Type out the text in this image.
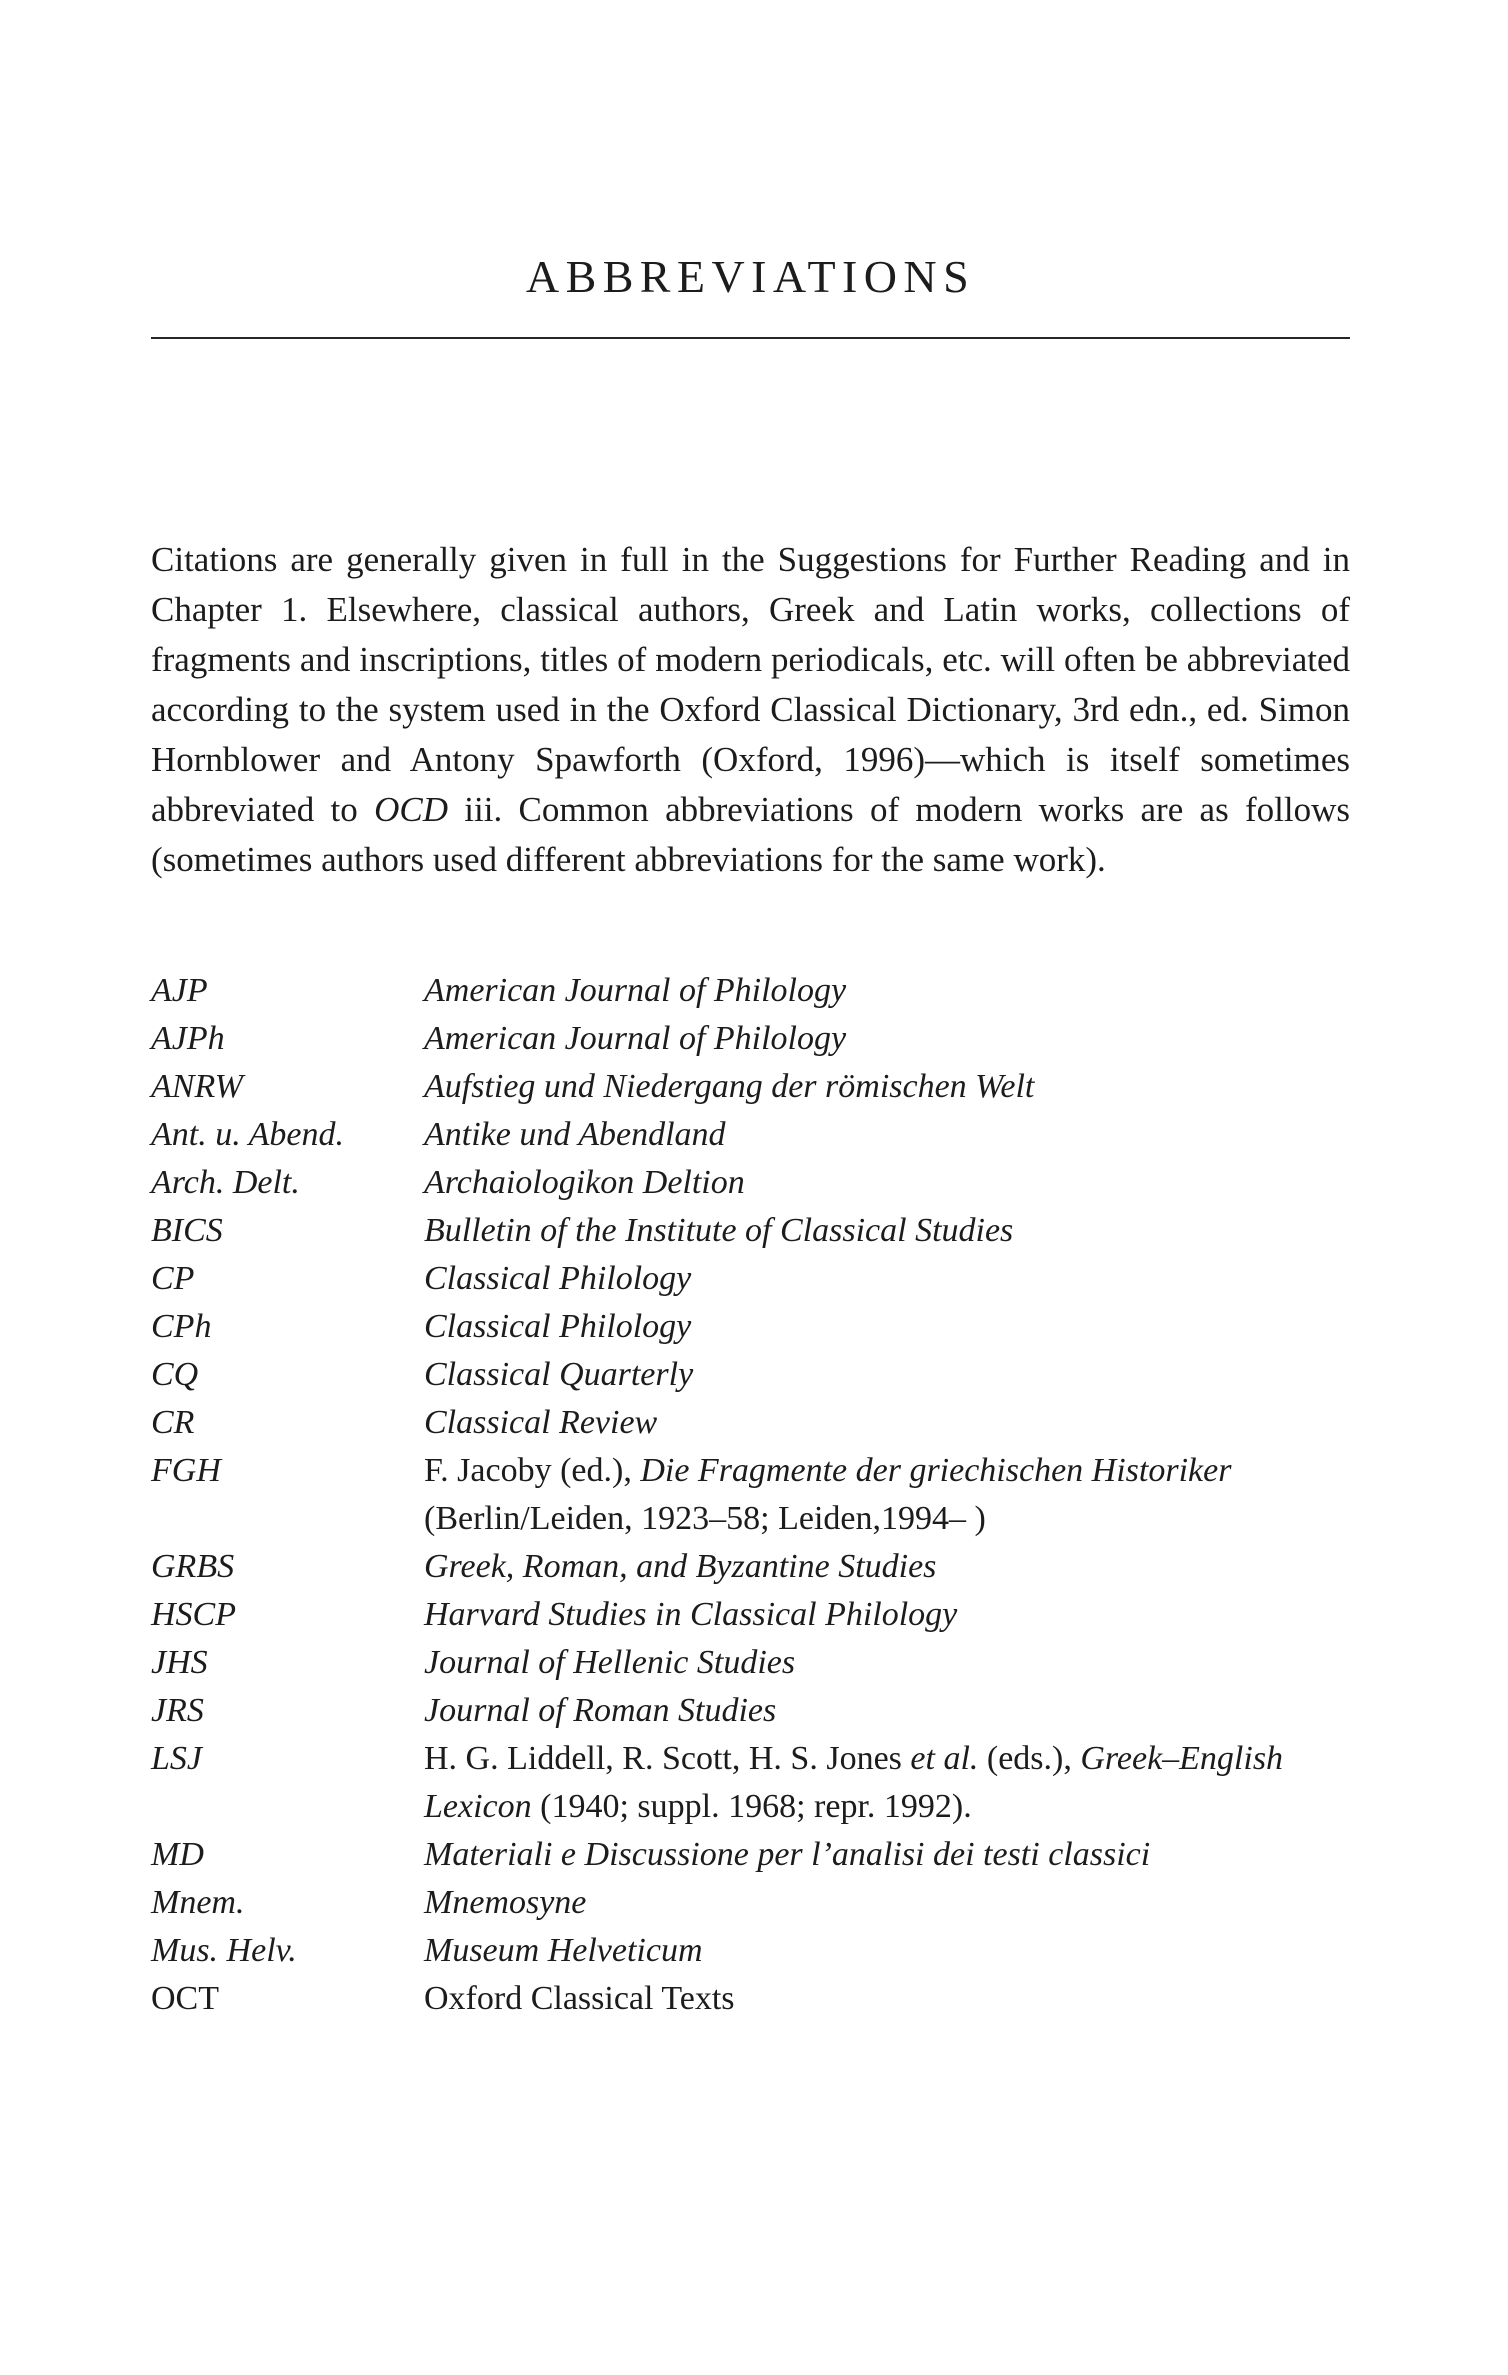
ABBREVIATIONS

Citations are generally given in full in the Suggestions for Further Reading and in Chapter 1. Elsewhere, classical authors, Greek and Latin works, collections of fragments and inscriptions, titles of modern periodicals, etc. will often be abbreviated according to the system used in the Oxford Classical Dictionary, 3rd edn., ed. Simon Hornblower and Antony Spawforth (Oxford, 1996)—which is itself sometimes abbreviated to OCD iii. Common abbreviations of modern works are as follows (sometimes authors used different abbreviations for the same work).

AJP	American Journal of Philology
AJPh	American Journal of Philology
ANRW	Aufstieg und Niedergang der römischen Welt
Ant. u. Abend.	Antike und Abendland
Arch. Delt.	Archaiologikon Deltion
BICS	Bulletin of the Institute of Classical Studies
CP	Classical Philology
CPh	Classical Philology
CQ	Classical Quarterly
CR	Classical Review
FGH	F. Jacoby (ed.), Die Fragmente der griechischen Historiker (Berlin/Leiden, 1923–58; Leiden,1994– )
GRBS	Greek, Roman, and Byzantine Studies
HSCP	Harvard Studies in Classical Philology
JHS	Journal of Hellenic Studies
JRS	Journal of Roman Studies
LSJ	H. G. Liddell, R. Scott, H. S. Jones et al. (eds.), Greek–English Lexicon (1940; suppl. 1968; repr. 1992).
MD	Materiali e Discussione per l’analisi dei testi classici
Mnem.	Mnemosyne
Mus. Helv.	Museum Helveticum
OCT	Oxford Classical Texts
